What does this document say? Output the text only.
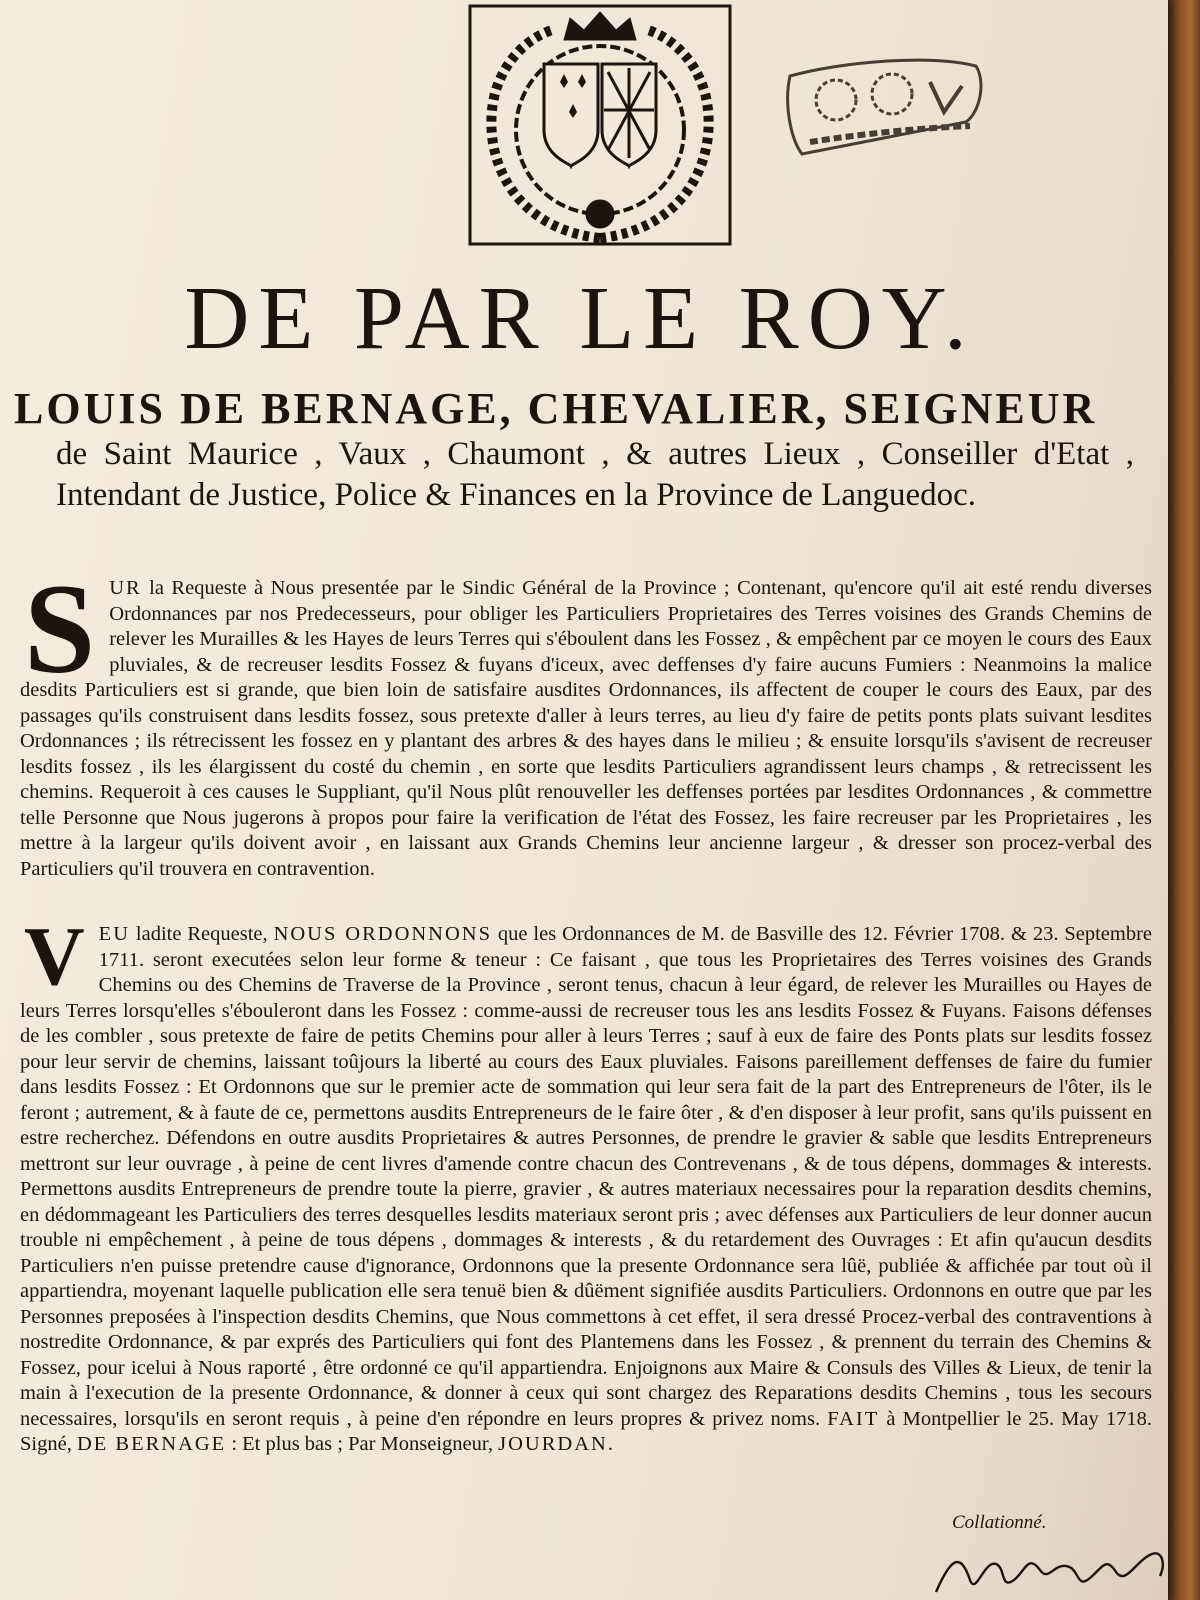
DE PAR LE ROY.
LOUIS DE BERNAGE, CHEVALIER, SEIGNEUR

de Saint Maurice , Vaux , Chaumont , & autres Lieux , Conseiller d'Etat , Intendant de Justice, Police & Finances en la Province de Languedoc.

SUR la Requeste à Nous presentée par le Sindic Général de la Province ; Contenant, qu'encore qu'il ait esté rendu diverses Ordonnances par nos Predecesseurs, pour obliger les Particuliers Proprietaires des Terres voisines des Grands Chemins de relever les Murailles & les Hayes de leurs Terres qui s'éboulent dans les Fossez , & empêchent par ce moyen le cours des Eaux pluviales, & de recreuser lesdits Fossez & fuyans d'iceux, avec deffenses d'y faire aucuns Fumiers : Neanmoins la malice desdits Particuliers est si grande, que bien loin de satisfaire ausdites Ordonnances, ils affectent de couper le cours des Eaux, par des passages qu'ils construisent dans lesdits fossez, sous pretexte d'aller à leurs terres, au lieu d'y faire de petits ponts plats suivant lesdites Ordonnances ; ils rétrecissent les fossez en y plantant des arbres & des hayes dans le milieu ; & ensuite lorsqu'ils s'avisent de recreuser lesdits fossez , ils les élargissent du costé du chemin , en sorte que lesdits Particuliers agrandissent leurs champs , & retrecissent les chemins. Requeroit à ces causes le Suppliant, qu'il Nous plût renouveller les deffenses portées par lesdites Ordonnances , & commettre telle Personne que Nous jugerons à propos pour faire la verification de l'état des Fossez, les faire recreuser par les Proprietaires , les mettre à la largeur qu'ils doivent avoir , en laissant aux Grands Chemins leur ancienne largeur , & dresser son procez-verbal des Particuliers qu'il trouvera en contravention.

VEU ladite Requeste, NOUS ORDONNONS que les Ordonnances de M. de Basville des 12. Février 1708. & 23. Septembre 1711. seront executées selon leur forme & teneur : Ce faisant , que tous les Proprietaires des Terres voisines des Grands Chemins ou des Chemins de Traverse de la Province , seront tenus, chacun à leur égard, de relever les Murailles ou Hayes de leurs Terres lorsqu'elles s'ébouleront dans les Fossez : comme-aussi de recreuser tous les ans lesdits Fossez & Fuyans. Faisons défenses de les combler , sous pretexte de faire de petits Chemins pour aller à leurs Terres ; sauf à eux de faire des Ponts plats sur lesdits fossez pour leur servir de chemins, laissant toûjours la liberté au cours des Eaux pluviales. Faisons pareillement deffenses de faire du fumier dans lesdits Fossez : Et Ordonnons que sur le premier acte de sommation qui leur sera fait de la part des Entrepreneurs de l'ôter, ils le feront ; autrement, & à faute de ce, permettons ausdits Entrepreneurs de le faire ôter , & d'en disposer à leur profit, sans qu'ils puissent en estre recherchez. Défendons en outre ausdits Proprietaires & autres Personnes, de prendre le gravier & sable que lesdits Entrepreneurs mettront sur leur ouvrage , à peine de cent livres d'amende contre chacun des Contrevenans , & de tous dépens, dommages & interests. Permettons ausdits Entrepreneurs de prendre toute la pierre, gravier , & autres materiaux necessaires pour la reparation desdits chemins, en dédommageant les Particuliers des terres desquelles lesdits materiaux seront pris ; avec défenses aux Particuliers de leur donner aucun trouble ni empêchement , à peine de tous dépens , dommages & interests , & du retardement des Ouvrages : Et afin qu'aucun desdits Particuliers n'en puisse pretendre cause d'ignorance, Ordonnons que la presente Ordonnance sera lûë, publiée & affichée par tout où il appartiendra, moyenant laquelle publication elle sera tenuë bien & dûëment signifiée ausdits Particuliers. Ordonnons en outre que par les Personnes preposées à l'inspection desdits Chemins, que Nous commettons à cet effet, il sera dressé Procez-verbal des contraventions à nostredite Ordonnance, & par exprés des Particuliers qui font des Plantemens dans les Fossez , & prennent du terrain des Chemins & Fossez, pour icelui à Nous raporté , être ordonné ce qu'il appartiendra. Enjoignons aux Maire & Consuls des Villes & Lieux, de tenir la main à l'execution de la presente Ordonnance, & donner à ceux qui sont chargez des Reparations desdits Chemins , tous les secours necessaires, lorsqu'ils en seront requis , à peine d'en répondre en leurs propres & privez noms. FAIT à Montpellier le 25. May 1718. Signé, DE BERNAGE : Et plus bas ; Par Monseigneur, JOURDAN.

Collationné.
